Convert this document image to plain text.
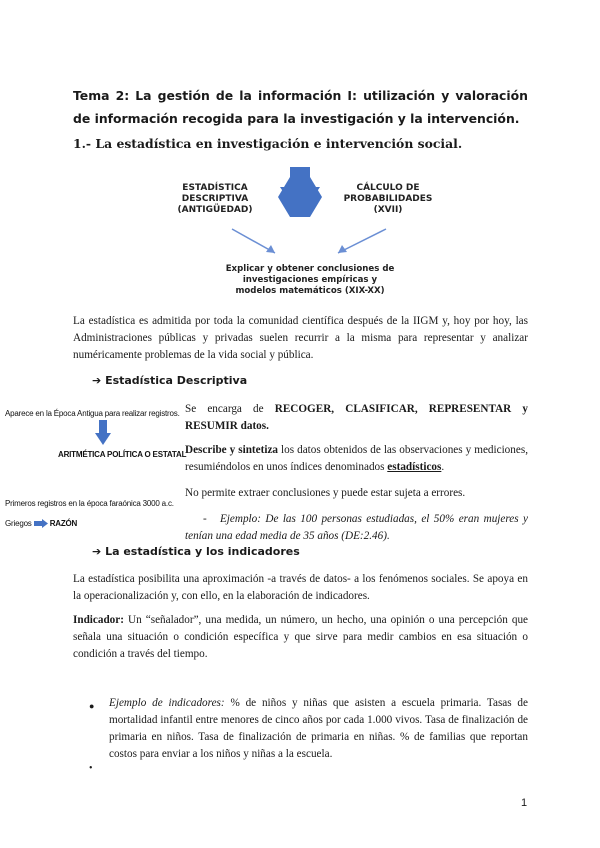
Tema 2: La gestión de la información I: utilización y valoración de información recogida para la investigación y la intervención.
1.- La estadística en investigación e intervención social.
ESTADÍSTICA
DESCRIPTIVA
(ANTIGÜEDAD)
CÁLCULO DE
PROBABILIDADES
(XVII)
Explicar y obtener conclusiones de
investigaciones empíricas y
modelos matemáticos (XIX-XX)
La estadística es admitida por toda la comunidad científica después de la IIGM y, hoy por hoy, las Administraciones públicas y privadas suelen recurrir a la misma para representar y analizar numéricamente problemas de la vida social y pública.
➔ Estadística Descriptiva
Aparece en la Época Antigua para realizar registros.
ARITMÉTICA POLÍTICA O ESTATAL
Primeros registros en la época faraónica 3000 a.c.
Griegos RAZÓN
Se encarga de RECOGER, CLASIFICAR, REPRESENTAR y RESUMIR datos.
Describe y sintetiza los datos obtenidos de las observaciones y mediciones, resumiéndolos en unos índices denominados estadísticos.
No permite extraer conclusiones y puede estar sujeta a errores.
- Ejemplo: De las 100 personas estudiadas, el 50% eran mujeres y tenían una edad media de 35 años (DE:2.46).
➔ La estadística y los indicadores
La estadística posibilita una aproximación -a través de datos- a los fenómenos sociales. Se apoya en la operacionalización y, con ello, en la elaboración de indicadores.
Indicador: Un “señalador”, una medida, un número, un hecho, una opinión o una percepción que señala una situación o condición específica y que sirve para medir cambios en esa situación o condición a través del tiempo.
● Ejemplo de indicadores: % de niños y niñas que asisten a escuela primaria. Tasas de mortalidad infantil entre menores de cinco años por cada 1.000 vivos. Tasa de finalización de primaria en niños. Tasa de finalización de primaria en niñas. % de familias que reportan costos para enviar a los niños y niñas a la escuela.
•
1
